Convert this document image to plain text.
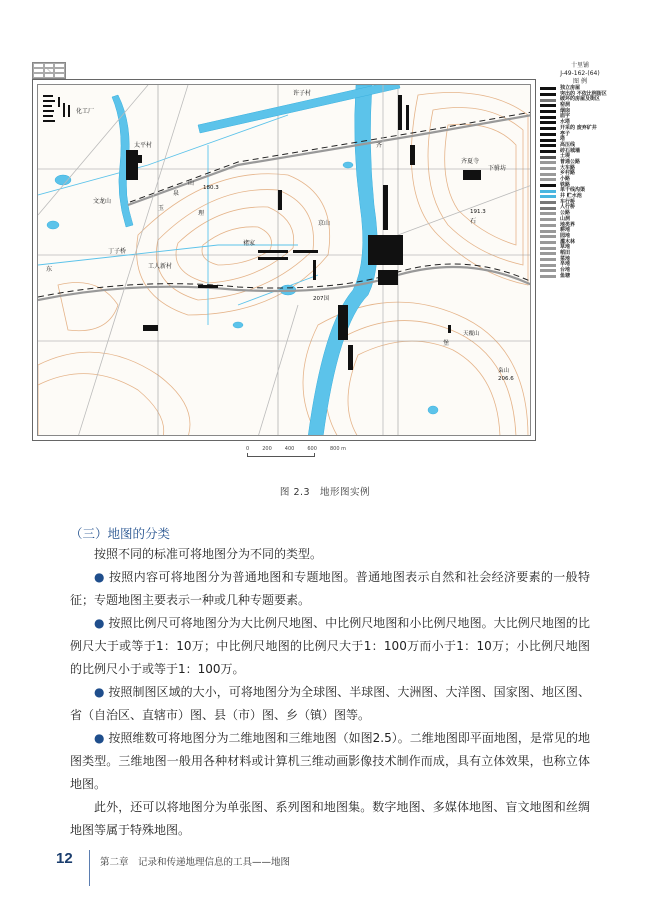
化工厂
太平村
许子村
齐
齐夏寺
下驸坊
丁子桥
工人新村
褚家
东
京山
文龙山
山
泉
玉
理
石
堡
180.3
191.3
206.6
天覆山
枭山
207国
十里铺
J-49-162-(64)
图 例
独立房屋
突出的 不依比例街区
破坏的房屋及街区
窑洞
烟囱
庙宇
水塔
开采的 废弃矿井
亭子
塔
高压线
砖石城墙
土堤
普通公路
大车路
乡村路
小路
铁路
单干线沟渠
井 贮水池
车行桥
人行桥
公路
山洞
地类界
耕地
园地
灌木林
草地
稻田
菜地
旱地
台地
鱼塘
0	200	400	600	800 m
图 2.3　地形图实例
（三）地图的分类
按照不同的标准可将地图分为不同的类型。
● 按照内容可将地图分为普通地图和专题地图。普通地图表示自然和社会经济要素的一般特征；专题地图主要表示一种或几种专题要素。
● 按照比例尺可将地图分为大比例尺地图、中比例尺地图和小比例尺地图。大比例尺地图的比例尺大于或等于1：10万；中比例尺地图的比例尺大于1：100万而小于1：10万；小比例尺地图的比例尺小于或等于1：100万。
● 按照制图区域的大小，可将地图分为全球图、半球图、大洲图、大洋图、国家图、地区图、省（自治区、直辖市）图、县（市）图、乡（镇）图等。
● 按照维数可将地图分为二维地图和三维地图（如图2.5）。二维地图即平面地图，是常见的地图类型。三维地图一般用各种材料或计算机三维动画影像技术制作而成，具有立体效果，也称立体地图。
此外，还可以将地图分为单张图、系列图和地图集。数字地图、多媒体地图、盲文地图和丝绸地图等属于特殊地图。
12	第二章　记录和传递地理信息的工具——地图
